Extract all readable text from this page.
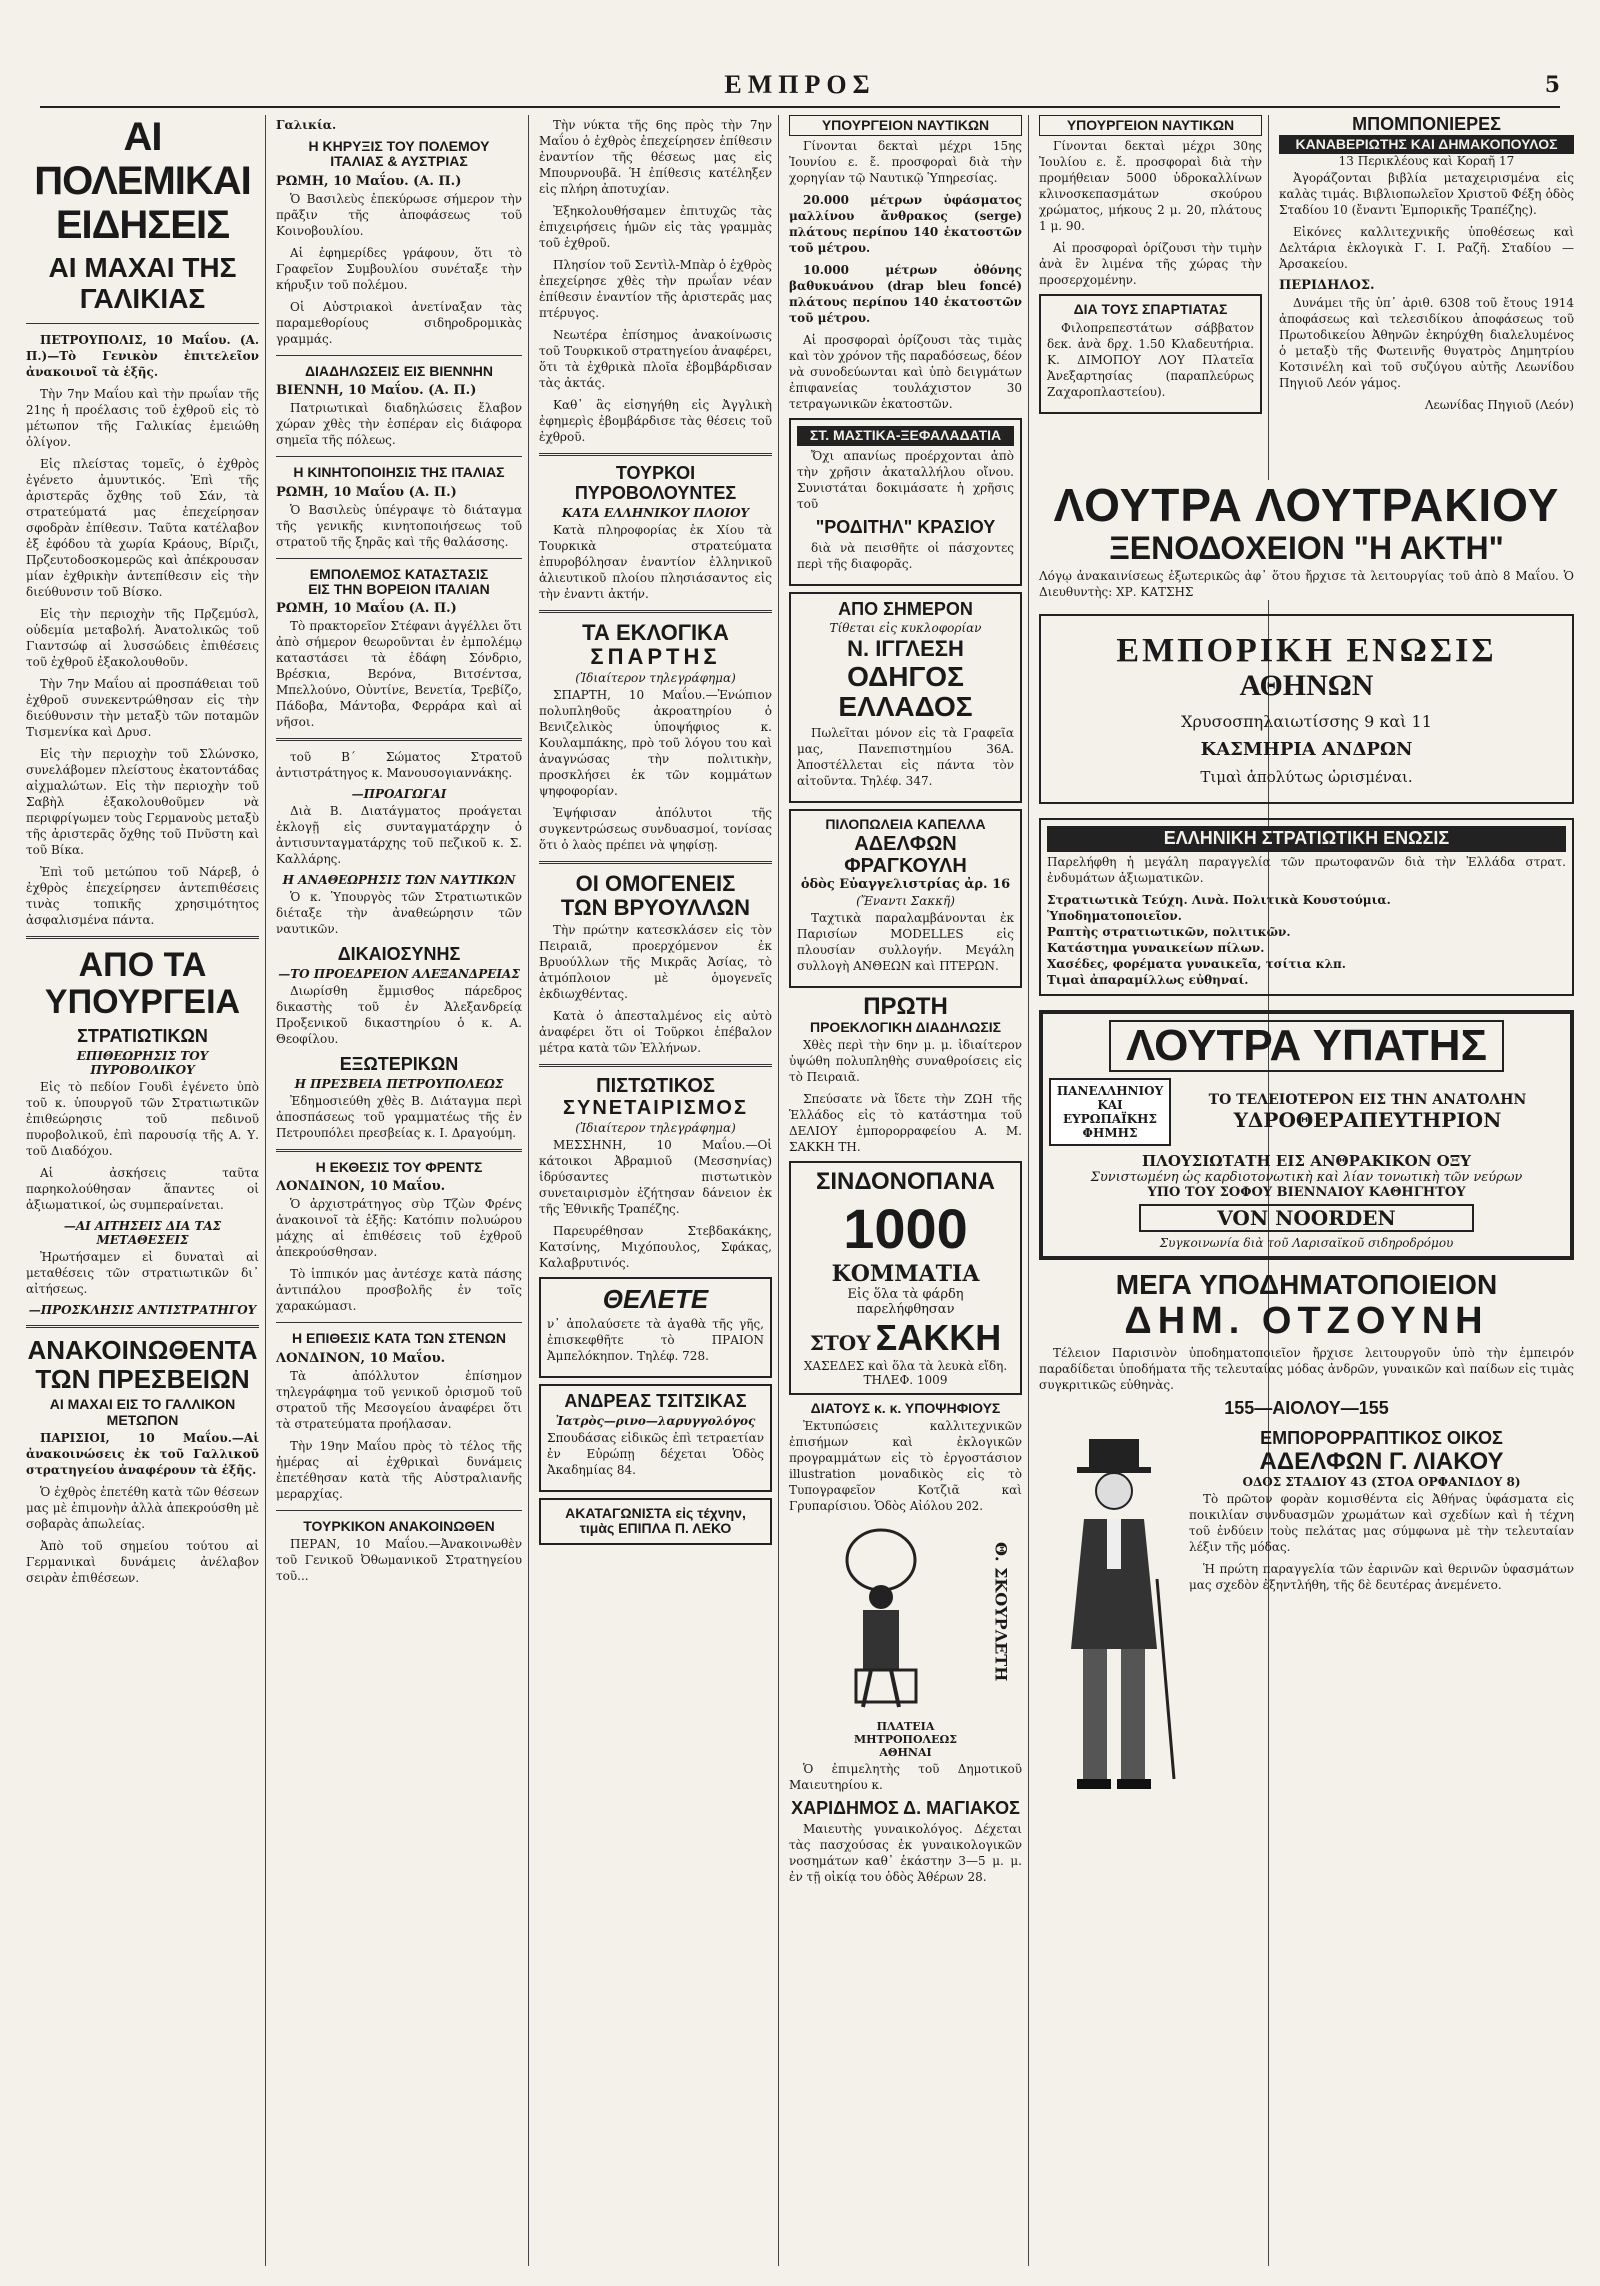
ΕΜΠΡΟΣ	5
ΑΙ ΠΟΛΕΜΙΚΑΙ ΕΙΔΗΣΕΙΣ
ΑΙ ΜΑΧΑΙ ΤΗΣ ΓΑΛΙΚΙΑΣ
ΠΕΤΡΟΥΠΟΛΙΣ, 10 Μαΐου. (Α. Π.)—Τὸ Γενικὸν ἐπιτελεῖον ἀνακοινοῖ τὰ ἑξῆς.
Τὴν 7ην Μαΐου καὶ τὴν πρωΐαν τῆς 21ης ἡ προέλασις τοῦ ἐχθροῦ εἰς τὸ μέτωπον τῆς Γαλικίας ἐμειώθη ὀλίγον.
Εἰς πλείστας τομεῖς, ὁ ἐχθρὸς ἐγένετο ἀμυντικός. Ἐπὶ τῆς ἀριστερᾶς ὄχθης τοῦ Σάν, τὰ στρατεύματά μας ἐπεχείρησαν σφοδρὰν ἐπίθεσιν. Ταῦτα κατέλαβον ἐξ ἐφόδου τὰ χωρία Κράους, Βίριζι, Πρζευτοδοσκομερῶς καὶ ἀπέκρουσαν μίαν ἐχθρικὴν ἀντεπίθεσιν εἰς τὴν διεύθυνσιν τοῦ Βίσκο.
Εἰς τὴν περιοχὴν τῆς Πρζεμύσλ, οὐδεμία μεταβολή. Ἀνατολικῶς τοῦ Γιαντσώφ αἱ λυσσώδεις ἐπιθέσεις τοῦ ἐχθροῦ ἐξακολουθοῦν.
Τὴν 7ην Μαΐου αἱ προσπάθειαι τοῦ ἐχθροῦ συνεκεντρώθησαν εἰς τὴν διεύθυνσιν τὴν μεταξὺ τῶν ποταμῶν Τισμενίκα καὶ Δρυσ.
Εἰς τὴν περιοχὴν τοῦ Σλώνσκο, συνελάβομεν πλείστους ἐκατοντάδας αἰχμαλώτων. Εἰς τὴν περιοχὴν τοῦ Σαβὴλ ἐξακολουθοῦμεν νὰ περιφρίγωμεν τοὺς Γερμανοὺς μεταξὺ τῆς ἀριστερᾶς ὄχθης τοῦ Πνῦστη καὶ τοῦ Βίκα.
Ἐπὶ τοῦ μετώπου τοῦ Νάρεβ, ὁ ἐχθρὸς ἐπεχείρησεν ἀντεπιθέσεις τινὰς τοπικῆς χρησιμότητος ἀσφαλισμένα πάντα.
ΑΠΟ ΤΑ ΥΠΟΥΡΓΕΙΑ
ΣΤΡΑΤΙΩΤΙΚΩΝ
ΕΠΙΘΕΩΡΗΣΙΣ ΤΟΥ ΠΥΡΟΒΟΛΙΚΟΥ
Εἰς τὸ πεδίον Γουδὶ ἐγένετο ὑπὸ τοῦ κ. ὑπουργοῦ τῶν Στρατιωτικῶν ἐπιθεώρησις τοῦ πεδινοῦ πυροβολικοῦ, ἐπὶ παρουσίᾳ τῆς Α. Υ. τοῦ Διαδόχου.
Αἱ ἀσκήσεις ταῦτα παρηκολούθησαν ἅπαντες οἱ ἀξιωματικοί, ὡς συμπεραίνεται.
—ΑΙ ΑΙΤΗΣΕΙΣ ΔΙΑ ΤΑΣ ΜΕΤΑΘΕΣΕΙΣ
Ἠρωτήσαμεν εἰ δυναταὶ αἱ μεταθέσεις τῶν στρατιωτικῶν δι᾽ αἰτήσεως.
—ΠΡΟΣΚΛΗΣΙΣ ΑΝΤΙΣΤΡΑΤΗΓΟΥ
ΑΝΑΚΟΙΝΩΘΕΝΤΑ
ΤΩΝ ΠΡΕΣΒΕΙΩΝ
ΑΙ ΜΑΧΑΙ ΕΙΣ ΤΟ ΓΑΛΛΙΚΟΝ ΜΕΤΩΠΟΝ
ΠΑΡΙΣΙΟΙ, 10 Μαΐου.—Αἱ ἀνακοινώσεις ἐκ τοῦ Γαλλικοῦ στρατηγείου ἀναφέρουν τὰ ἑξῆς.
Ὁ ἐχθρὸς ἐπετέθη κατὰ τῶν θέσεων μας μὲ ἐπιμονὴν ἀλλὰ ἀπεκρούσθη μὲ σοβαρὰς ἀπωλείας.
Ἀπὸ τοῦ σημείου τούτου αἱ Γερμανικαὶ δυνάμεις ἀνέλαβον σειρὰν ἐπιθέσεων.
Γαλικία.
Η ΚΗΡΥΞΙΣ ΤΟΥ ΠΟΛΕΜΟΥ
ΙΤΑΛΙΑΣ & ΑΥΣΤΡΙΑΣ
ΡΩΜΗ, 10 Μαΐου. (Α. Π.)
Ὁ Βασιλεὺς ἐπεκύρωσε σήμερον τὴν πρᾶξιν τῆς ἀποφάσεως τοῦ Κοινοβουλίου.
Αἱ ἐφημερίδες γράφουν, ὅτι τὸ Γραφεῖον Συμβουλίου συνέταξε τὴν κήρυξιν τοῦ πολέμου.
Οἱ Αὐστριακοὶ ἀνετίναξαν τὰς παραμεθορίους σιδηροδρομικὰς γραμμάς.
ΔΙΑΔΗΛΩΣΕΙΣ ΕΙΣ ΒΙΕΝΝΗΝ
ΒΙΕΝΝΗ, 10 Μαΐου. (Α. Π.)
Πατριωτικαὶ διαδηλώσεις ἔλαβον χώραν χθὲς τὴν ἑσπέραν εἰς διάφορα σημεῖα τῆς πόλεως.
Η ΚΙΝΗΤΟΠΟΙΗΣΙΣ ΤΗΣ ΙΤΑΛΙΑΣ
ΡΩΜΗ, 10 Μαΐου (Α. Π.)
Ὁ Βασιλεὺς ὑπέγραψε τὸ διάταγμα τῆς γενικῆς κινητοποιήσεως τοῦ στρατοῦ τῆς ξηρᾶς καὶ τῆς θαλάσσης.
ΕΜΠΟΛΕΜΟΣ ΚΑΤΑΣΤΑΣΙΣ
ΕΙΣ ΤΗΝ ΒΟΡΕΙΟΝ ΙΤΑΛΙΑΝ
ΡΩΜΗ, 10 Μαΐου (Α. Π.)
Τὸ πρακτορεῖον Στέφανι ἀγγέλλει ὅτι ἀπὸ σήμερον θεωροῦνται ἐν ἐμπολέμῳ καταστάσει τὰ ἐδάφη Σόνδριο, Βρέσκια, Βερόνα, Βιτσέντσα, Μπελλούνο, Οὐντίνε, Βενετία, Τρεβίζο, Πάδοβα, Μάντοβα, Φερράρα καὶ αἱ νῆσοι.
τοῦ Β΄ Σώματος Στρατοῦ ἀντιστράτηγος κ. Μανουσογιαννάκης.
—ΠΡΟΑΓΩΓΑΙ
Διὰ Β. Διατάγματος προάγεται ἐκλογῇ εἰς συνταγματάρχην ὁ ἀντισυνταγματάρχης τοῦ πεζικοῦ κ. Σ. Καλλάρης.
Η ΑΝΑΘΕΩΡΗΣΙΣ ΤΩΝ ΝΑΥΤΙΚΩΝ
Ὁ κ. Ὑπουργὸς τῶν Στρατιωτικῶν διέταξε τὴν ἀναθεώρησιν τῶν ναυτικῶν.
ΔΙΚΑΙΟΣΥΝΗΣ
—ΤΟ ΠΡΟΕΔΡΕΙΟΝ ΑΛΕΞΑΝΔΡΕΙΑΣ
Διωρίσθη ἔμμισθος πάρεδρος δικαστὴς τοῦ ἐν Ἀλεξανδρείᾳ Προξενικοῦ δικαστηρίου ὁ κ. Α. Θεοφίλου.
ΕΞΩΤΕΡΙΚΩΝ
Η ΠΡΕΣΒΕΙΑ ΠΕΤΡΟΥΠΟΛΕΩΣ
Ἐδημοσιεύθη χθὲς Β. Διάταγμα περὶ ἀποσπάσεως τοῦ γραμματέως τῆς ἐν Πετρουπόλει πρεσβείας κ. Ι. Δραγούμη.
Η ΕΚΘΕΣΙΣ ΤΟΥ ΦΡΕΝΤΣ
ΛΟΝΔΙΝΟΝ, 10 Μαΐου.
Ὁ ἀρχιστράτηγος σὺρ Τζὼν Φρένς ἀνακοινοῖ τὰ ἑξῆς: Κατόπιν πολυώρου μάχης αἱ ἐπιθέσεις τοῦ ἐχθροῦ ἀπεκρούσθησαν.
Τὸ ἱππικόν μας ἀντέσχε κατὰ πάσης ἀντιπάλου προσβολῆς ἐν τοῖς χαρακώμασι.
Η ΕΠΙΘΕΣΙΣ ΚΑΤΑ ΤΩΝ ΣΤΕΝΩΝ
ΛΟΝΔΙΝΟΝ, 10 Μαΐου.
Τὰ ἀπόλλυτον ἐπίσημον τηλεγράφημα τοῦ γενικοῦ ὀρισμοῦ τοῦ στρατοῦ τῆς Μεσογείου ἀναφέρει ὅτι τὰ στρατεύματα προήλασαν.
Τὴν 19ην Μαΐου πρὸς τὸ τέλος τῆς ἡμέρας αἱ ἐχθρικαὶ δυνάμεις ἐπετέθησαν κατὰ τῆς Αὐστραλιανῆς μεραρχίας.
ΤΟΥΡΚΙΚΟΝ ΑΝΑΚΟΙΝΩΘΕΝ
ΠΕΡΑΝ, 10 Μαΐου.—Ἀνακοινωθὲν τοῦ Γενικοῦ Ὀθωμανικοῦ Στρατηγείου τοῦ...
Τὴν νύκτα τῆς 6ης πρὸς τὴν 7ην Μαΐου ὁ ἐχθρὸς ἐπεχείρησεν ἐπίθεσιν ἐναντίον τῆς θέσεως μας εἰς Μπουρνουβᾶ. Ἡ ἐπίθεσις κατέληξεν εἰς πλήρη ἀποτυχίαν.
Ἐξηκολουθήσαμεν ἐπιτυχῶς τὰς ἐπιχειρήσεις ἡμῶν εἰς τὰς γραμμὰς τοῦ ἐχθροῦ.
Πλησίον τοῦ Σεντὶλ-Μπὰρ ὁ ἐχθρὸς ἐπεχείρησε χθὲς τὴν πρωΐαν νέαν ἐπίθεσιν ἐναντίον τῆς ἀριστερᾶς μας πτέρυγος.
Νεωτέρα ἐπίσημος ἀνακοίνωσις τοῦ Τουρκικοῦ στρατηγείου ἀναφέρει, ὅτι τὰ ἐχθρικὰ πλοῖα ἐβομβάρδισαν τὰς ἀκτάς.
Καθ᾽ ἃς εἰσηγήθη εἰς Ἀγγλικὴ ἐφημερὶς ἐβομβάρδισε τὰς θέσεις τοῦ ἐχθροῦ.
ΤΟΥΡΚΟΙ ΠΥΡΟΒΟΛΟΥΝΤΕΣ
ΚΑΤΑ ΕΛΛΗΝΙΚΟΥ ΠΛΟΙΟΥ
Κατὰ πληροφορίας ἐκ Χίου τὰ Τουρκικὰ στρατεύματα ἐπυροβόλησαν ἐναντίον ἑλληνικοῦ ἁλιευτικοῦ πλοίου πλησιάσαντος εἰς τὴν ἐναντι ἀκτήν.
ΤΑ ΕΚΛΟΓΙΚΑ
ΣΠΑΡΤΗΣ
(Ἰδιαίτερον τηλεγράφημα)
ΣΠΑΡΤΗ, 10 Μαΐου.—Ἐνώπιον πολυπληθοῦς ἀκροατηρίου ὁ Βενιζελικὸς ὑποψήφιος κ. Κουλαμπάκης, πρὸ τοῦ λόγου του καὶ ἀναγνώσας τὴν πολιτικὴν, προσκλήσει ἐκ τῶν κομμάτων ψηφοφορίαν.
Ἐψήφισαν ἀπόλυτοι τῆς συγκεντρώσεως συνδυασμοί, τονίσας ὅτι ὁ λαὸς πρέπει νὰ ψηφίσῃ.
ΟΙ ΟΜΟΓΕΝΕΙΣ
ΤΩΝ ΒΡΥΟΥΛΛΩΝ
Τὴν πρώτην κατεσκλάσεν εἰς τὸν Πειραιᾶ, προερχόμενον ἐκ Βρυούλλων τῆς Μικρᾶς Ἀσίας, τὸ ἀτμόπλοιον μὲ ὁμογενεῖς ἐκδιωχθέντας.
Κατὰ ὁ ἀπεσταλμένος εἰς αὐτὸ ἀναφέρει ὅτι οἱ Τοῦρκοι ἐπέβαλον μέτρα κατὰ τῶν Ἑλλήνων.
ΠΙΣΤΩΤΙΚΟΣ
ΣΥΝΕΤΑΙΡΙΣΜΟΣ
(Ἰδιαίτερον τηλεγράφημα)
ΜΕΣΣΗΝΗ, 10 Μαΐου.—Οἱ κάτοικοι Ἀβραμιοῦ (Μεσσηνίας) ἱδρύσαντες πιστωτικὸν συνεταιρισμὸν ἐζήτησαν δάνειον ἐκ τῆς Ἐθνικῆς Τραπέζης.
Παρευρέθησαν Στεβδακάκης, Κατσίνης, Μιχόπουλος, Σφάκας, Καλαβρυτινός.
ΘΕΛΕΤΕ
ν᾽ ἀπολαύσετε τὰ ἀγαθὰ τῆς γῆς, ἐπισκεφθῆτε τὸ ΠΡΑΙΟΝ Ἀμπελόκηπον. Τηλέφ. 728.
ΑΝΔΡΕΑΣ ΤΣΙΤΣΙΚΑΣ
Ἰατρὸς—ρινο—λαρυγγολόγος
Σπουδάσας εἰδικῶς ἐπὶ τετραετίαν ἐν Εὐρώπῃ δέχεται Ὁδὸς Ἀκαδημίας 84.
ΑΚΑΤΑΓΩΝΙΣΤΑ εἰς τέχνην, τιμὰς ΕΠΙΠΛΑ Π. ΛΕΚΟ
ΥΠΟΥΡΓΕΙΟΝ ΝΑΥΤΙΚΩΝ
Γίνονται δεκταὶ μέχρι 15ης Ἰουνίου ε. ἔ. προσφοραὶ διὰ τὴν χορηγίαν τῷ Ναυτικῷ Ὑπηρεσίας.
20.000 μέτρων ὑφάσματος μαλλίνου ἄνθρακος (serge) πλάτους περίπου 140 ἑκατοστῶν τοῦ μέτρου.
10.000 μέτρων ὀθόνης βαθυκυάνου (drap bleu foncé) πλάτους περίπου 140 ἑκατοστῶν τοῦ μέτρου.
Αἱ προσφοραὶ ὁρίζουσι τὰς τιμὰς καὶ τὸν χρόνον τῆς παραδόσεως, δέον νὰ συνοδεύωνται καὶ ὑπὸ δειγμάτων ἐπιφανείας τουλάχιστον 30 τετραγωνικῶν ἑκατοστῶν.
ΣΤ. ΜΑΣΤΙΚΑ-ΞΕΦΑΛΑΔΑΤΙΑ
Ὄχι απανίως προέρχονται ἀπὸ τὴν χρῆσιν ἀκαταλλήλου οἴνου. Συνιστάται δοκιμάσατε ἡ χρῆσις τοῦ
"ΡΟΔΙΤΗΛ" ΚΡΑΣΙΟΥ
διὰ νὰ πεισθῆτε οἱ πάσχοντες περὶ τῆς διαφορᾶς.
ΑΠΟ ΣΗΜΕΡΟΝ
Τίθεται εἰς κυκλοφορίαν
Ν. ΙΓΓΛΕΣΗ
ΟΔΗΓΟΣ ΕΛΛΑΔΟΣ
Πωλεῖται μόνον εἰς τὰ Γραφεῖα μας, Πανεπιστημίου 36Α. Ἀποστέλλεται εἰς πάντα τὸν αἰτοῦντα. Τηλέφ. 347.
ΠΙΛΟΠΩΛΕΙΑ ΚΑΠΕΛΛΑ
ΑΔΕΛΦΩΝ ΦΡΑΓΚΟΥΛΗ
ὁδὸς Εὐαγγελιστρίας ἀρ. 16
(Ἔναντι Σακκῆ)
Ταχτικὰ παραλαμβάνονται ἐκ Παρισίων MODELLES εἰς πλουσίαν συλλογήν. Μεγάλη συλλογὴ ΑΝΘΕΩΝ καὶ ΠΤΕΡΩΝ.
ΠΡΩΤΗ
ΠΡΟΕΚΛΟΓΙΚΗ ΔΙΑΔΗΛΩΣΙΣ
Χθὲς περὶ τὴν 6ην μ. μ. ἰδιαίτερον ὑψώθη πολυπληθὴς συναθροίσεις εἰς τὸ Πειραιᾶ.
Σπεύσατε νὰ ἴδετε τὴν ΖΩΗ τῆς Ἑλλάδος εἰς τὸ κατάστημα τοῦ ΔΕΛΙΟΥ ἐμπορορραφείου Α. Μ. ΣΑΚΚΗ ΤΗ.
ΣΙΝΔΟΝΟΠΑΝΑ
1000 ΚΟΜΜΑΤΙΑ
Εἰς ὅλα τὰ φάρδη παρελήφθησαν
ΣΤΟΥ ΣΑΚΚΗ
ΧΑΣΕΔΕΣ καὶ ὅλα τὰ λευκὰ εἴδη. ΤΗΛΕΦ. 1009
ΔΙΑΤΟΥΣ κ. κ. ΥΠΟΨΗΦΙΟΥΣ
Ἐκτυπώσεις καλλιτεχνικῶν ἐπισήμων καὶ ἐκλογικῶν προγραμμάτων εἰς τὸ ἐργοστάσιον illustration μοναδικὸς εἰς τὸ Τυπογραφεῖον Κοτζιᾶ καὶ Γρυπαρίσιου. Ὁδὸς Αἰόλου 202.
Θ. ΣΚΟΥΡΛΕΤΗ
ΠΛΑΤΕΙΑ
ΜΗΤΡΟΠΟΛΕΩΣ
ΑΘΗΝΑΙ
Ὁ ἐπιμελητὴς τοῦ Δημοτικοῦ Μαιευτηρίου κ.
ΧΑΡΙΔΗΜΟΣ Δ. ΜΑΓΙΑΚΟΣ
Μαιευτὴς γυναικολόγος. Δέχεται τὰς πασχούσας ἐκ γυναικολογικῶν νοσημάτων καθ᾽ ἑκάστην 3—5 μ. μ. ἐν τῇ οἰκίᾳ του ὁδὸς Ἀθέρων 28.
ΥΠΟΥΡΓΕΙΟΝ ΝΑΥΤΙΚΩΝ
Γίνονται δεκταὶ μέχρι 30ης Ἰουλίου ε. ἔ. προσφοραὶ διὰ τὴν προμήθειαν 5000 ὑδροκαλλίνων κλινοσκεπασμάτων σκούρου χρώματος, μήκους 2 μ. 20, πλάτους 1 μ. 90.
Αἱ προσφοραὶ ὁρίζουσι τὴν τιμὴν ἀνὰ ἓν λιμένα τῆς χώρας τὴν προσερχομένην.
ΔΙΑ ΤΟΥΣ ΣΠΑΡΤΙΑΤΑΣ
Φιλοπρεπεστάτων σάββατον δεκ. ἀνὰ δρχ. 1.50 Κλαδευτήρια. Κ. ΔΙΜΟΠΟΥ ΛΟΥ Πλατεῖα Ἀνεξαρτησίας (παραπλεύρως Ζαχαροπλαστείου).
ΛΟΥΤΡΑ ΛΟΥΤΡΑΚΙΟΥ
ΞΕΝΟΔΟΧΕΙΟΝ "Η ΑΚΤΗ"
Λόγῳ ἀνακαινίσεως ἐξωτερικῶς ἀφ᾽ ὅτου ἤρχισε τὰ λειτουργίας τοῦ ἀπὸ 8 Μαΐου. Ὁ Διευθυντὴς: ΧΡ. ΚΑΤΣΗΣ
ΕΜΠΟΡΙΚΗ ΕΝΩΣΙΣ
ΑΘΗΝΩΝ
Χρυσοσπηλαιωτίσσης 9 καὶ 11
ΚΑΣΜΗΡΙΑ ΑΝΔΡΩΝ
Τιμαὶ ἀπολύτως ὡρισμέναι.
ΕΛΛΗΝΙΚΗ ΣΤΡΑΤΙΩΤΙΚΗ ΕΝΩΣΙΣ
Παρελήφθη ἡ μεγάλη παραγγελία τῶν πρωτοφανῶν διὰ τὴν Ἑλλάδα στρατ. ἐνδυμάτων ἀξιωματικῶν.
Στρατιωτικὰ Τεύχη. Λινὰ. Πολιτικὰ Κουστούμια.
Ὑποδηματοποιεῖον.
Ραπτὴς στρατιωτικῶν, πολιτικῶν.
Κατάστημα γυναικείων πίλων.
Χασέδες, φορέματα γυναικεῖα, τσίτια κλπ.
Τιμαὶ ἀπαραμίλλως εὐθηναί.
ΛΟΥΤΡΑ ΥΠΑΤΗΣ
ΠΑΝΕΛΛΗΝΙΟΥ
ΚΑΙ
ΕΥΡΩΠΑΪΚΗΣ
ΦΗΜΗΣ
ΤΟ ΤΕΛΕΙΟΤΕΡΟΝ ΕΙΣ ΤΗΝ ΑΝΑΤΟΛΗΝ
ΥΔΡΟΘΕΡΑΠΕΥΤΗΡΙΟΝ
ΠΛΟΥΣΙΩΤΑΤΗ ΕΙΣ ΑΝΘΡΑΚΙΚΟΝ ΟΞΥ
Συνιστωμένη ὡς καρδιοτονωτικὴ καὶ λίαν τονωτικὴ τῶν νεύρων
ΥΠΟ ΤΟΥ ΣΟΦΟΥ ΒΙΕΝΝΑΙΟΥ ΚΑΘΗΓΗΤΟΥ
VON NOORDEN
Συγκοινωνία διὰ τοῦ Λαρισαϊκοῦ σιδηροδρόμου
ΜΕΓΑ ΥΠΟΔΗΜΑΤΟΠΟΙΕΙΟΝ
ΔΗΜ. ΟΤΖΟΥΝΗ
Τέλειον Παρισινὸν ὑποδηματοποιεῖον ἤρχισε λειτουργοῦν ὑπὸ τὴν ἐμπειρόν παραδίδεται ὑποδήματα τῆς τελευταίας μόδας ἀνδρῶν, γυναικῶν καὶ παίδων εἰς τιμὰς συγκριτικῶς εὐθηνὰς.
155—ΑΙΟΛΟΥ—155
ΕΜΠΟΡΟΡΡΑΠΤΙΚΟΣ ΟΙΚΟΣ
ΑΔΕΛΦΩΝ Γ. ΛΙΑΚΟΥ
ΟΔΟΣ ΣΤΑΔΙΟΥ 43 (ΣΤΟΑ ΟΡΦΑΝΙΔΟΥ 8)
Τὸ πρῶτον φορὰν κομισθέντα εἰς Ἀθήνας ὑφάσματα εἰς ποικιλίαν συνδυασμῶν χρωμάτων καὶ σχεδίων καὶ ἡ τέχνη τοῦ ἐνδύειν τοὺς πελάτας μας σύμφωνα μὲ τὴν τελευταίαν λέξιν τῆς μόδας.
Ἡ πρώτη παραγγελία τῶν ἐαρινῶν καὶ θερινῶν ὑφασμάτων μας σχεδὸν ἐξηντλήθη, τῆς δὲ δευτέρας ἀνεμένετο.
ΜΠΟΜΠΟΝΙΕΡΕΣ
ΚΑΝΑΒΕΡΙΩΤΗΣ ΚΑΙ ΔΗΜΑΚΟΠΟΥΛΟΣ
13 Περικλέους καὶ Κοραῆ 17
Ἀγοράζονται βιβλία μεταχειρισμένα εἰς καλὰς τιμάς. Βιβλιοπωλεῖον Χριστοῦ Φέξη ὁδὸς Σταδίου 10 (ἔναντι Ἐμπορικῆς Τραπέζης).
Εἰκόνες καλλιτεχνικῆς ὑποθέσεως καὶ Δελτάρια ἐκλογικὰ Γ. Ι. Ραζῆ. Σταδίου — Ἀρσακείου.
ΠΕΡΙΔΗΛΟΣ.
Δυνάμει τῆς ὑπ᾽ ἀριθ. 6308 τοῦ ἔτους 1914 ἀποφάσεως καὶ τελεσιδίκου ἀποφάσεως τοῦ Πρωτοδικείου Ἀθηνῶν ἐκηρύχθη διαλελυμένος ὁ μεταξὺ τῆς Φωτεινῆς θυγατρὸς Δημητρίου Κοτσινέλη καὶ τοῦ συζύγου αὐτῆς Λεωνίδου Πηγιοῦ Λεόν γάμος.
Λεωνίδας Πηγιοῦ (Λεόν)
